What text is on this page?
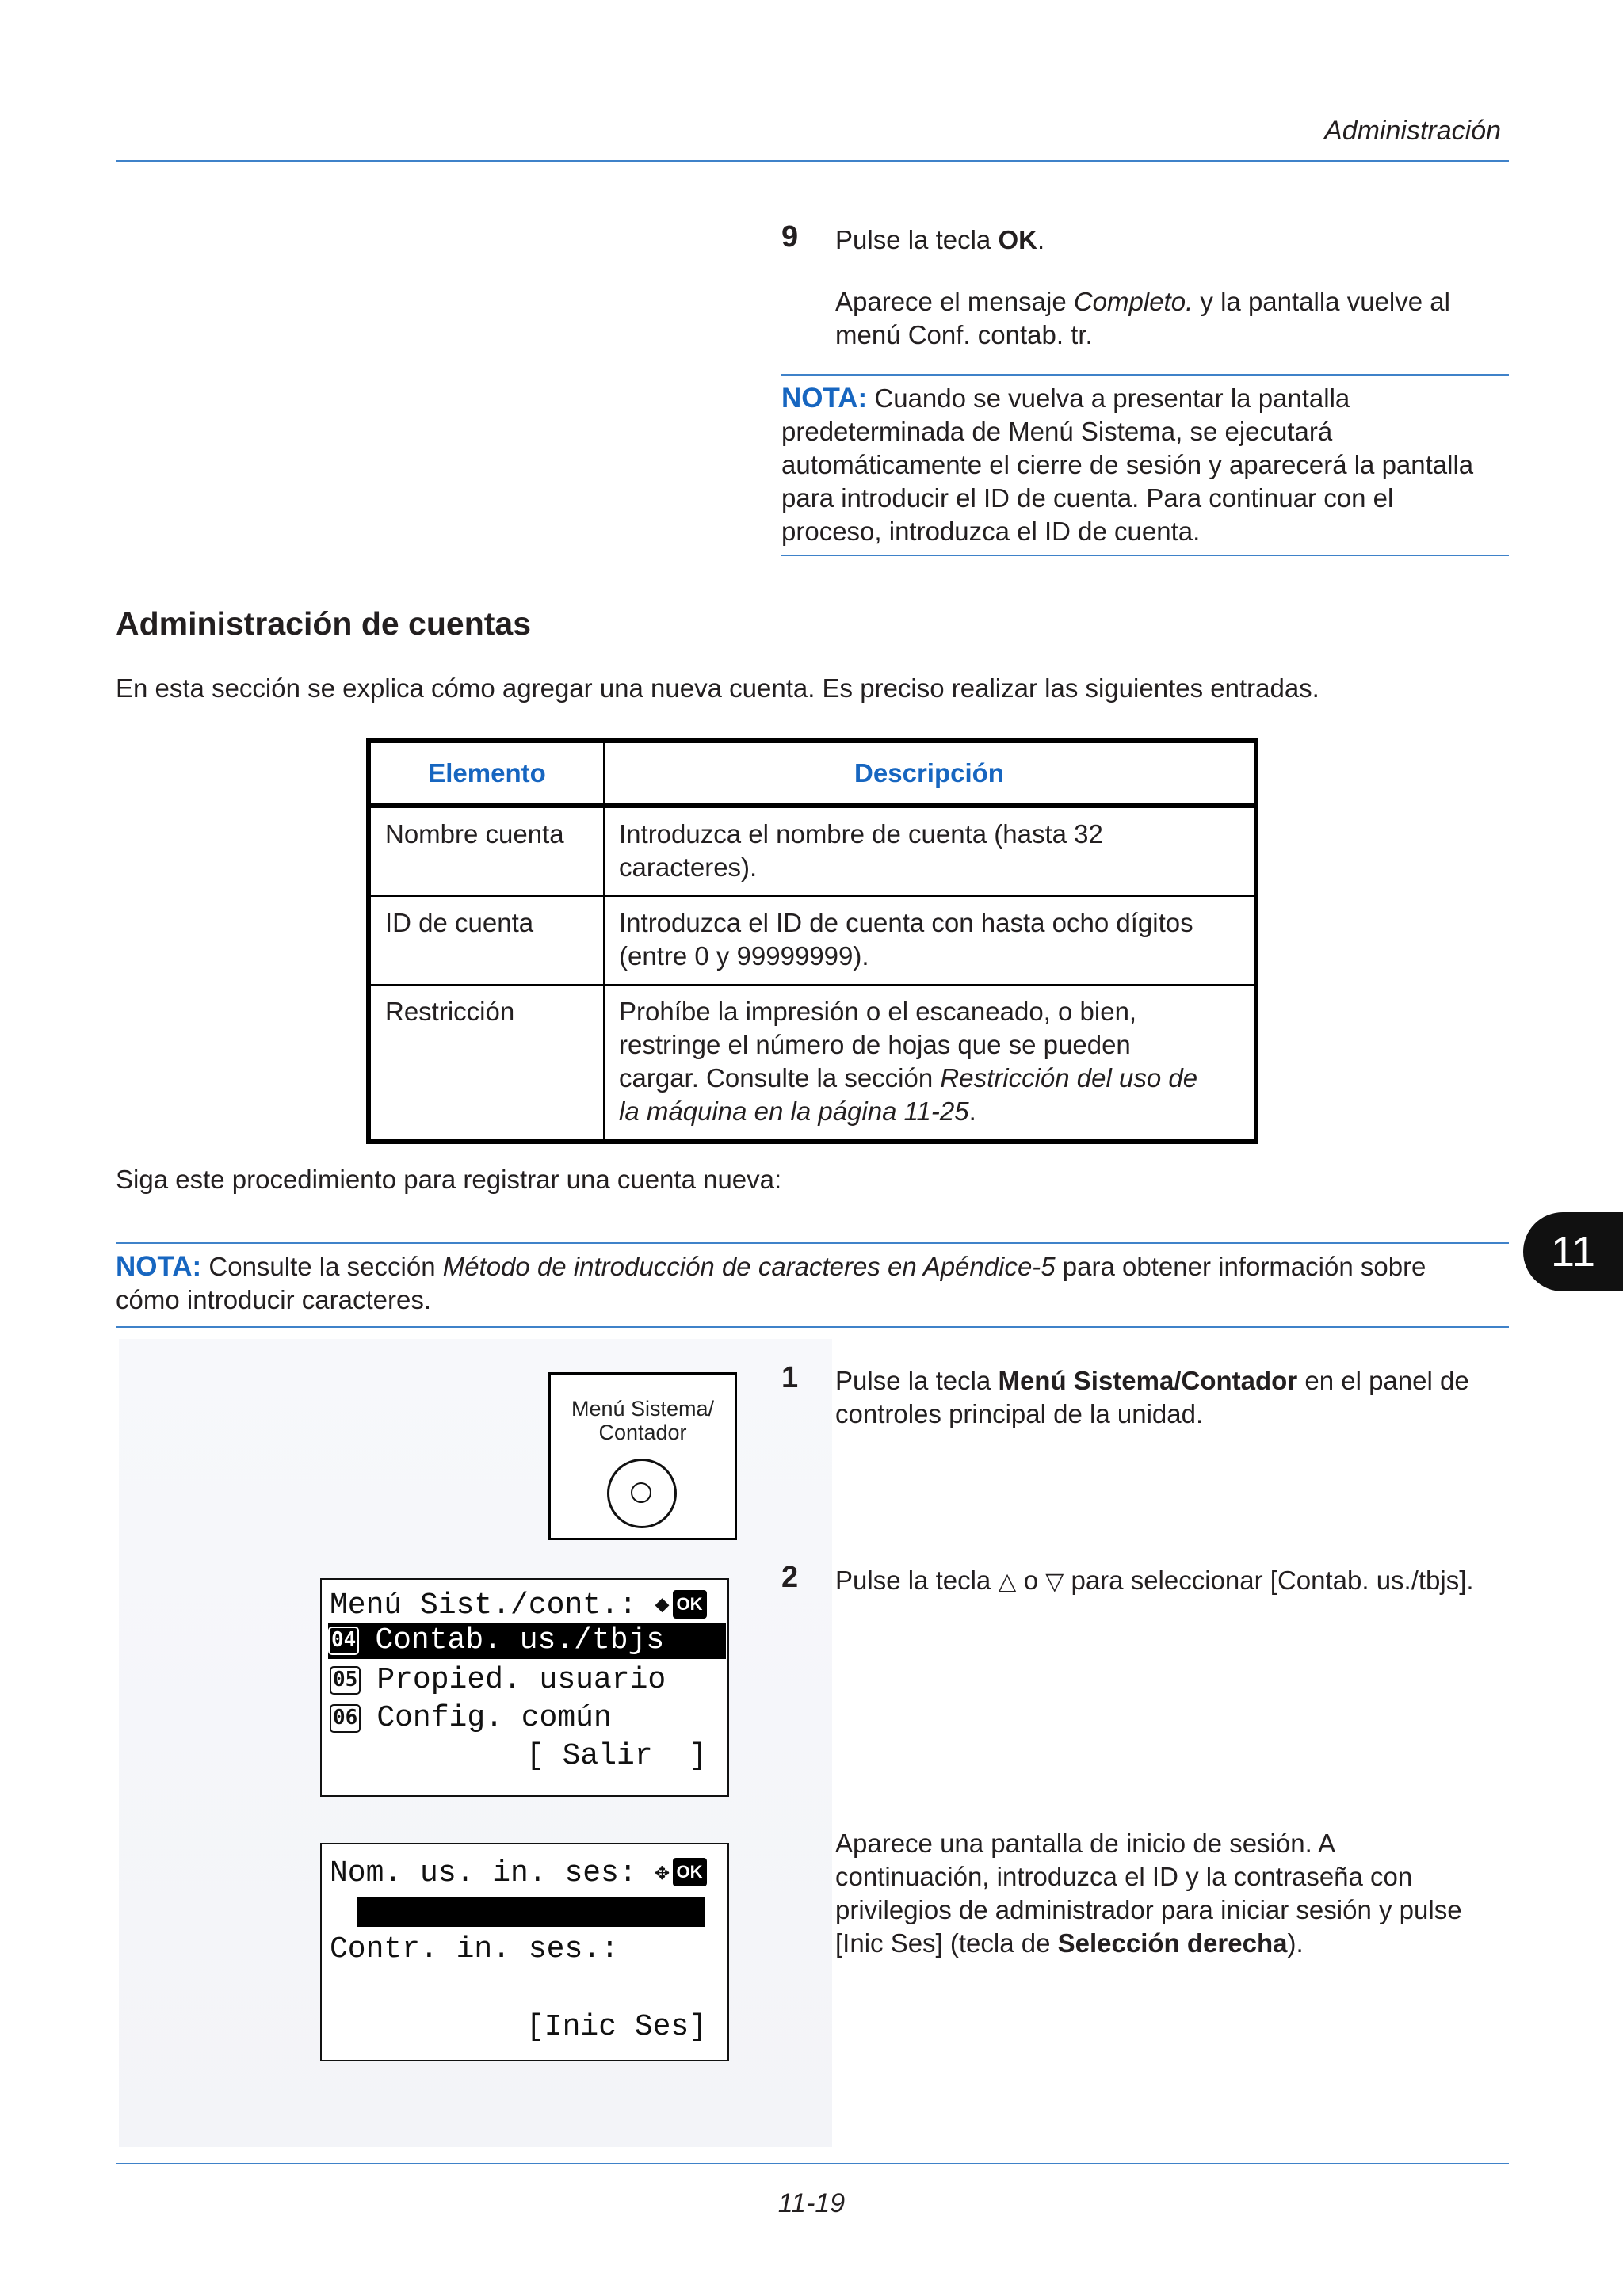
Administración
9 Pulse la tecla OK.
Aparece el mensaje Completo. y la pantalla vuelve al
menú Conf. contab. tr.
NOTA: Cuando se vuelva a presentar la pantalla
predeterminada de Menú Sistema, se ejecutará
automáticamente el cierre de sesión y aparecerá la pantalla
para introducir el ID de cuenta. Para continuar con el
proceso, introduzca el ID de cuenta.
Administración de cuentas
En esta sección se explica cómo agregar una nueva cuenta. Es preciso realizar las siguientes entradas.
Elemento	Descripción
Nombre cuenta	Introduzca el nombre de cuenta (hasta 32
caracteres).

ID de cuenta	Introduzca el ID de cuenta con hasta ocho dígitos
(entre 0 y 99999999).

Restricción	Prohíbe la impresión o el escaneado, o bien,
restringe el número de hojas que se pueden
cargar. Consulte la sección Restricción del uso de
la máquina en la página 11-25.
Siga este procedimiento para registrar una cuenta nueva:
NOTA: Consulte la sección Método de introducción de caracteres en Apéndice-5 para obtener información sobre
cómo introducir caracteres.
11
Menú Sistema/
Contador
1 Pulse la tecla Menú Sistema/Contador en el panel de
controles principal de la unidad.
2 Pulse la tecla △ o ▽ para seleccionar [Contab. us./tbjs].
Menú Sist./cont.: ◆ OK
04 Contab. us./tbjs
05 Propied. usuario
06 Config. común
[ Salir  ]
Nom. us. in. ses: ✥ OK
Contr. in. ses.:
[Inic Ses]
Aparece una pantalla de inicio de sesión. A
continuación, introduzca el ID y la contraseña con
privilegios de administrador para iniciar sesión y pulse
[Inic Ses] (tecla de Selección derecha).
11-19
